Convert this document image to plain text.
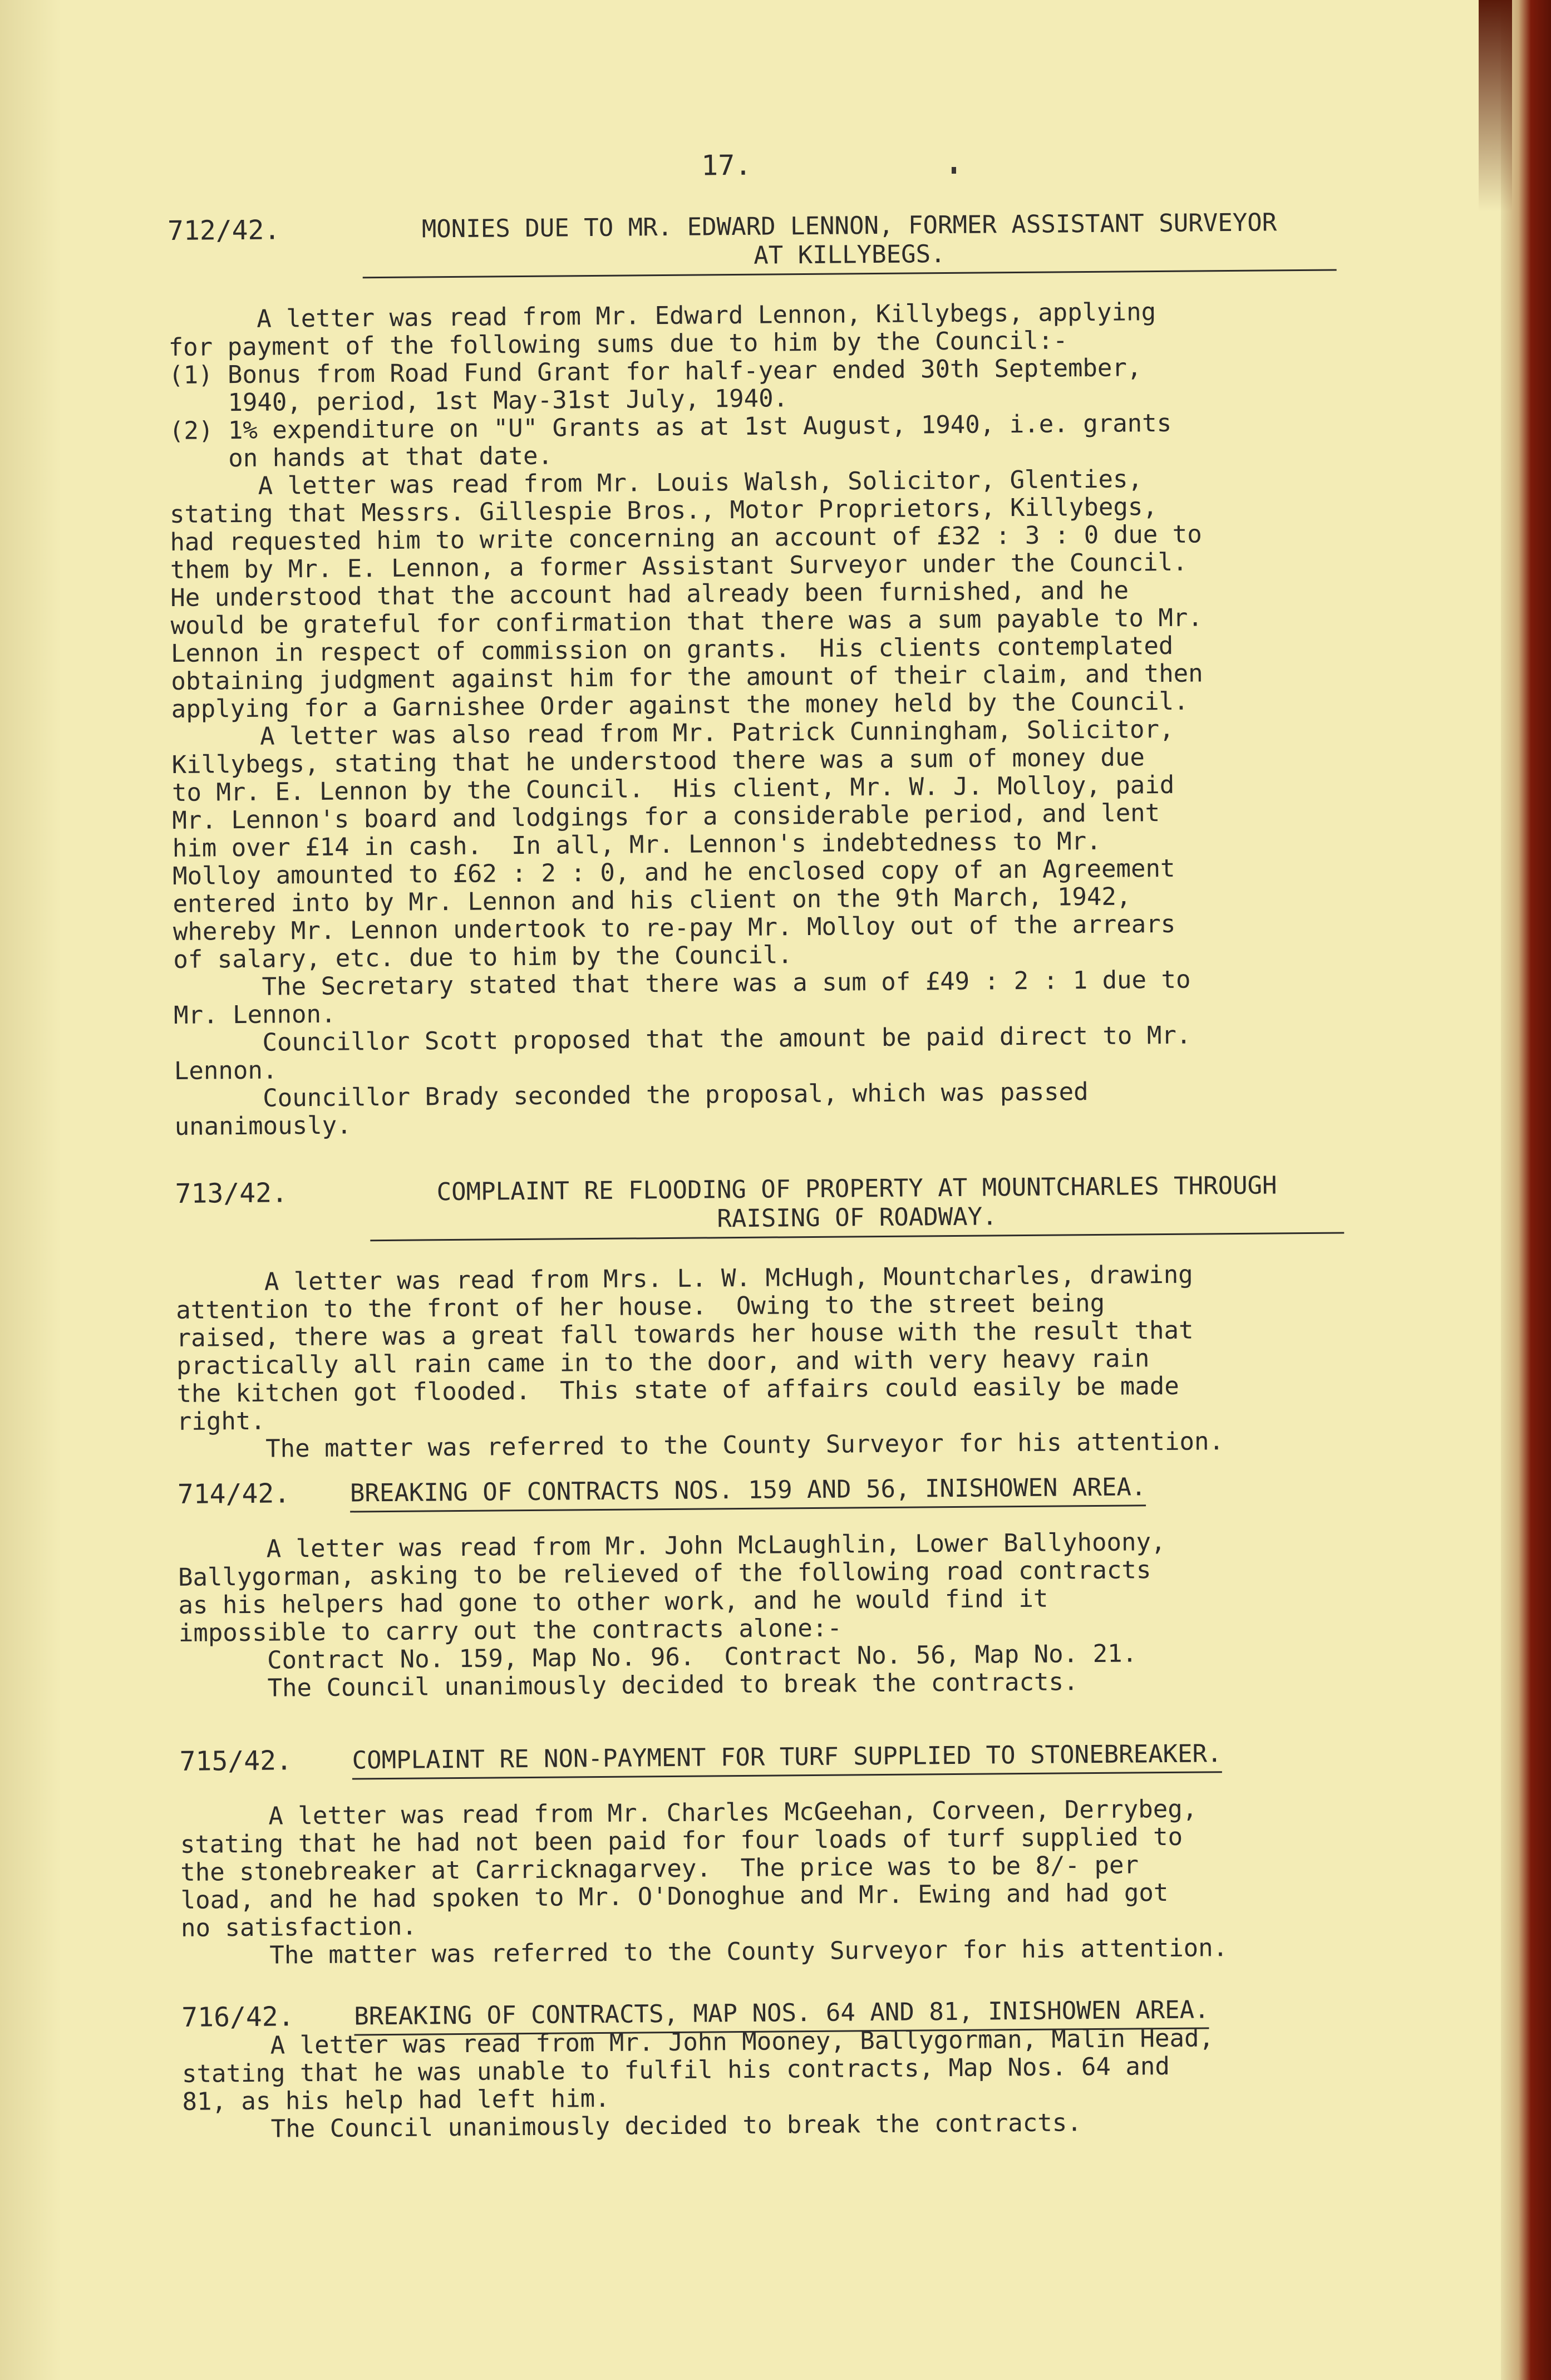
17.
712/42.	MONIES DUE TO MR. EDWARD LENNON, FORMER ASSISTANT SURVEYOR
AT KILLYBEGS.
A letter was read from Mr. Edward Lennon, Killybegs, applying
for payment of the following sums due to him by the Council:-
(1) Bonus from Road Fund Grant for half-year ended 30th September,
1940, period, 1st May-31st July, 1940.
(2) 1% expenditure on "U" Grants as at 1st August, 1940, i.e. grants
on hands at that date.
A letter was read from Mr. Louis Walsh, Solicitor, Glenties,
stating that Messrs. Gillespie Bros., Motor Proprietors, Killybegs,
had requested him to write concerning an account of £32 : 3 : 0 due to
them by Mr. E. Lennon, a former Assistant Surveyor under the Council.
He understood that the account had already been furnished, and he
would be grateful for confirmation that there was a sum payable to Mr.
Lennon in respect of commission on grants.  His clients contemplated
obtaining judgment against him for the amount of their claim, and then
applying for a Garnishee Order against the money held by the Council.
A letter was also read from Mr. Patrick Cunningham, Solicitor,
Killybegs, stating that he understood there was a sum of money due
to Mr. E. Lennon by the Council.  His client, Mr. W. J. Molloy, paid
Mr. Lennon's board and lodgings for a considerable period, and lent
him over £14 in cash.  In all, Mr. Lennon's indebtedness to Mr.
Molloy amounted to £62 : 2 : 0, and he enclosed copy of an Agreement
entered into by Mr. Lennon and his client on the 9th March, 1942,
whereby Mr. Lennon undertook to re-pay Mr. Molloy out of the arrears
of salary, etc. due to him by the Council.
The Secretary stated that there was a sum of £49 : 2 : 1 due to
Mr. Lennon.
Councillor Scott proposed that the amount be paid direct to Mr.
Lennon.
Councillor Brady seconded the proposal, which was passed
unanimously.
713/42.	COMPLAINT RE FLOODING OF PROPERTY AT MOUNTCHARLES THROUGH
RAISING OF ROADWAY.
A letter was read from Mrs. L. W. McHugh, Mountcharles, drawing
attention to the front of her house.  Owing to the street being
raised, there was a great fall towards her house with the result that
practically all rain came in to the door, and with very heavy rain
the kitchen got flooded.  This state of affairs could easily be made
right.
The matter was referred to the County Surveyor for his attention.
714/42. BREAKING OF CONTRACTS NOS. 159 AND 56, INISHOWEN AREA.
A letter was read from Mr. John McLaughlin, Lower Ballyhoony,
Ballygorman, asking to be relieved of the following road contracts
as his helpers had gone to other work, and he would find it
impossible to carry out the contracts alone:-
Contract No. 159, Map No. 96.  Contract No. 56, Map No. 21.
The Council unanimously decided to break the contracts.
715/42. COMPLAINT RE NON-PAYMENT FOR TURF SUPPLIED TO STONEBREAKER.
A letter was read from Mr. Charles McGeehan, Corveen, Derrybeg,
stating that he had not been paid for four loads of turf supplied to
the stonebreaker at Carricknagarvey.  The price was to be 8/- per
load, and he had spoken to Mr. O'Donoghue and Mr. Ewing and had got
no satisfaction.
The matter was referred to the County Surveyor for his attention.
716/42. BREAKING OF CONTRACTS, MAP NOS. 64 AND 81, INISHOWEN AREA.
A letter was read from Mr. John Mooney, Ballygorman, Malin Head,
stating that he was unable to fulfil his contracts, Map Nos. 64 and
81, as his help had left him.
The Council unanimously decided to break the contracts.
